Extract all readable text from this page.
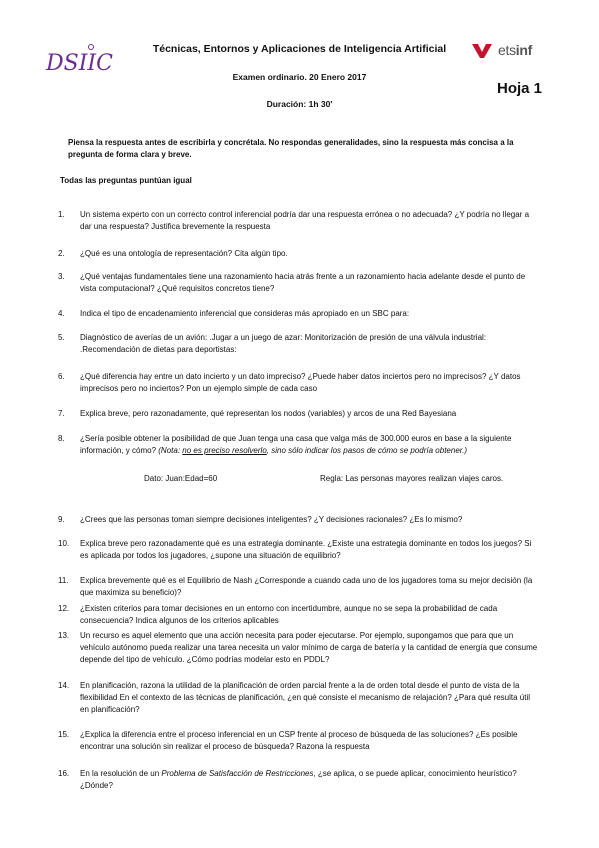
DSIIC
Técnicas, Entornos y Aplicaciones de Inteligencia Artificial
Examen ordinario. 20 Enero 2017
Duración: 1h 30'
etsinf
Hoja 1
Piensa la respuesta antes de escribirla y concrétala. No respondas generalidades, sino la respuesta más concisa a la pregunta de forma clara y breve.
Todas las preguntas puntúan igual
1.	Un sistema experto con un correcto control inferencial podría dar una respuesta errónea o no adecuada? ¿Y podría no llegar a dar una respuesta? Justifica brevemente la respuesta
2.	¿Qué es una ontología de representación? Cita algún tipo.
3.	¿Qué ventajas fundamentales tiene una razonamiento hacia atrás frente a un razonamiento hacia adelante desde el punto de vista computacional? ¿Qué requisitos concretos tiene?
4.	Indica el tipo de encadenamiento inferencial que consideras más apropiado en un SBC para:
5.	Diagnóstico de averías de un avión: .Jugar a un juego de azar: Monitorización de presión de una válvula industrial: .Recomendación de dietas para deportistas:
6.	¿Qué diferencia hay entre un dato incierto y un dato impreciso? ¿Puede haber datos inciertos pero no imprecisos? ¿Y datos imprecisos pero no inciertos? Pon un ejemplo simple de cada caso
7.	Explica breve, pero razonadamente, qué representan los nodos (variables) y arcos de una Red Bayesiana
8.	¿Sería posible obtener la posibilidad de que Juan tenga una casa que valga más de 300.000 euros en base a la siguiente información, y cómo? (Nota: no es preciso resolverlo, sino sólo indicar los pasos de cómo se podría obtener.)
Dato: Juan:Edad=60	Regla: Las personas mayores realizan viajes caros.
9.	¿Crees que las personas toman siempre decisiones inteligentes? ¿Y decisiones racionales? ¿Es lo mismo?
10.	Explica breve pero razonadamente qué es una estrategia dominante. ¿Existe una estrategia dominante en todos los juegos? Si es aplicada por todos los jugadores, ¿supone una situación de equilibrio?
11.	Explica brevemente qué es el Equilibrio de Nash ¿Corresponde a cuando cada uno de los jugadores toma su mejor decisión (la que maximiza su beneficio)?
12.	¿Existen criterios para tomar decisiones en un entorno con incertidumbre, aunque no se sepa la probabilidad de cada consecuencia? Indica algunos de los criterios aplicables
13.	Un recurso es aquel elemento que una acción necesita para poder ejecutarse. Por ejemplo, supongamos que para que un vehículo autónomo pueda realizar una tarea necesita un valor mínimo de carga de batería y la cantidad de energía que consume depende del tipo de vehículo. ¿Cómo podrías modelar esto en PDDL?
14.	En planificación, razona la utilidad de la planificación de orden parcial frente a la de orden total desde el punto de vista de la flexibilidad En el contexto de las técnicas de planificación, ¿en qué consiste el mecanismo de relajación? ¿Para qué resulta útil en planificación?
15.	¿Explica la diferencia entre el proceso inferencial en un CSP frente al proceso de búsqueda de las soluciones? ¿Es posible encontrar una solución sin realizar el proceso de búsqueda? Razona la respuesta
16.	En la resolución de un Problema de Satisfacción de Restricciones, ¿se aplica, o se puede aplicar, conocimiento heurístico? ¿Dónde?
